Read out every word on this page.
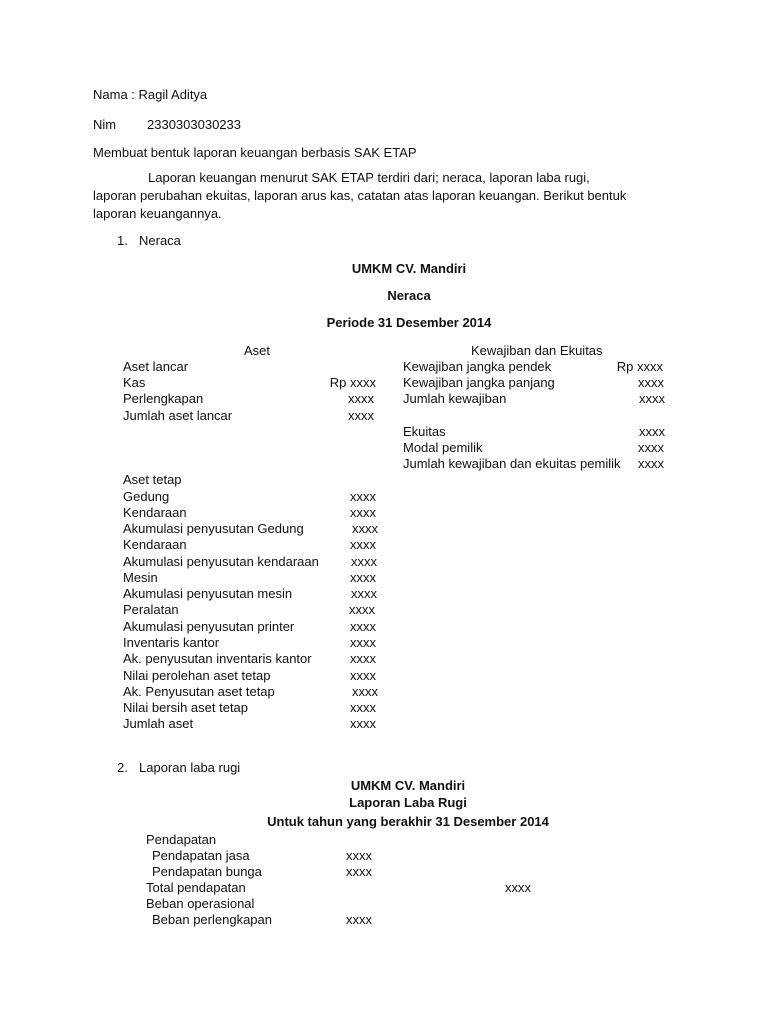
Nama : Ragil Aditya
Nim 2330303030233
Membuat bentuk laporan keuangan berbasis SAK ETAP
Laporan keuangan menurut SAK ETAP terdiri dari; neraca, laporan laba rugi, laporan perubahan ekuitas, laporan arus kas, catatan atas laporan keuangan. Berikut bentuk laporan keuangannya.
1. Neraca
UMKM CV. Mandiri
Neraca
Periode 31 Desember 2014
Aset	Kewajiban dan Ekuitas
Aset lancar
Kas	Rp xxxx
Perlengkapan	xxxx
Jumlah aset lancar	xxxx
Kewajiban jangka pendek	Rp xxxx
Kewajiban jangka panjang	xxxx
Jumlah kewajiban	xxxx
Ekuitas	xxxx
Modal pemilik	xxxx
Jumlah kewajiban dan ekuitas pemilik	xxxx
Aset tetap
Gedung	xxxx
Kendaraan	xxxx
Akumulasi penyusutan Gedung	xxxx
Kendaraan	xxxx
Akumulasi penyusutan kendaraan	xxxx
Mesin	xxxx
Akumulasi penyusutan mesin	xxxx
Peralatan	xxxx
Akumulasi penyusutan printer	xxxx
Inventaris kantor	xxxx
Ak. penyusutan inventaris kantor	xxxx
Nilai perolehan aset tetap	xxxx
Ak. Penyusutan aset tetap	xxxx
Nilai bersih aset tetap	xxxx
Jumlah aset	xxxx
2. Laporan laba rugi
UMKM CV. Mandiri
Laporan Laba Rugi
Untuk tahun yang berakhir 31 Desember 2014
Pendapatan
Pendapatan jasa	xxxx
Pendapatan bunga	xxxx
Total pendapatan	xxxx
Beban operasional
Beban perlengkapan	xxxx
